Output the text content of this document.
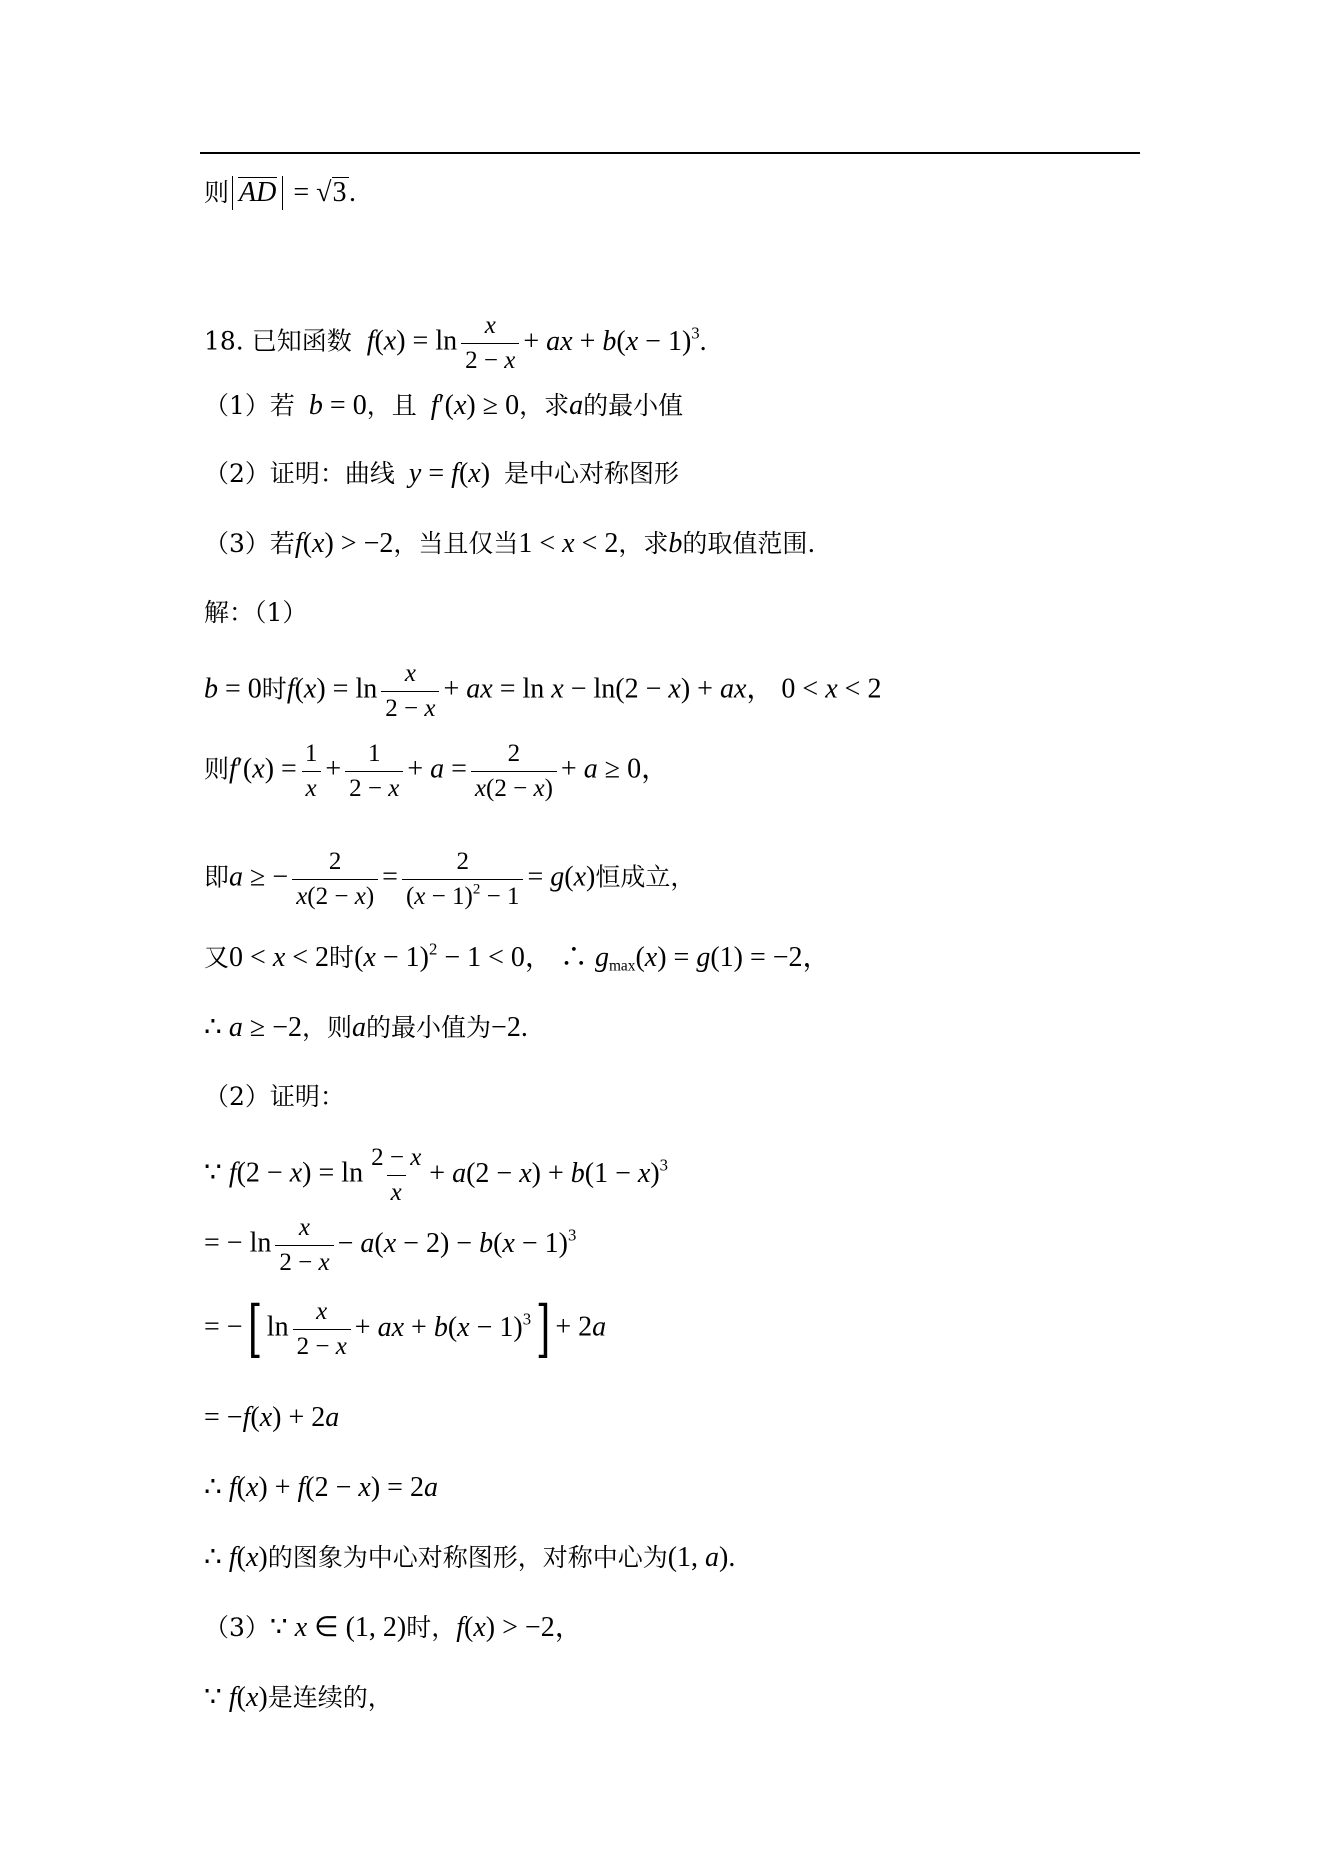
则 AD = √3.
18. 已知函数 $f(x) = \ln \frac{x}{2 - x}$ + ax + $b(x - 1)^3$.
（1）若 b = 0，且 f′(x) ≥ 0，求a的最小值
（2）证明：曲线 y = f(x)  是中心对称图形
（3）若f(x) > −2，当且仅当1 < x < 2，求b的取值范围.
解：（1）
b = 0时$f(x) = \ln \frac{x}{2 - x}$ + ax = ln x − ln(2 − x) + ax， 0 < x < 2
则$f'(x) = \frac{1}{x} + \frac{1}{2 - x} + a = \frac{2}{x(2 - x)} + a \ge 0$，
即a ≥ − $\frac{2}{x(2 - x)} = \frac{2}{(x - 1)^2 - 1} = g(x)$恒成立，
又0 < x < 2时$(x - 1)^2 - 1 < 0$， ∴ $g_{max}(x) = g(1) = -2$，
∴ a ≥ −2，则a的最小值为−2.
（2）证明：
∵ $f(2 - x) = \ln \frac{2 - x}{x} + a(2 - x) + b(1 - x)^3$
= − $\ln \frac{x}{2 - x} - a(x - 2) - b(x - 1)^3$
= −[ $\ln \frac{x}{2 - x}$ + ax + $b(x - 1)^3] + 2a$
= −f(x) + 2a
∴ f(x) + f(2 − x) = 2a
∴ f(x)的图象为中心对称图形，对称中心为(1, a).
（3）∵ x ∈ (1, 2)时，f(x) > −2，
∵ f(x)是连续的，
